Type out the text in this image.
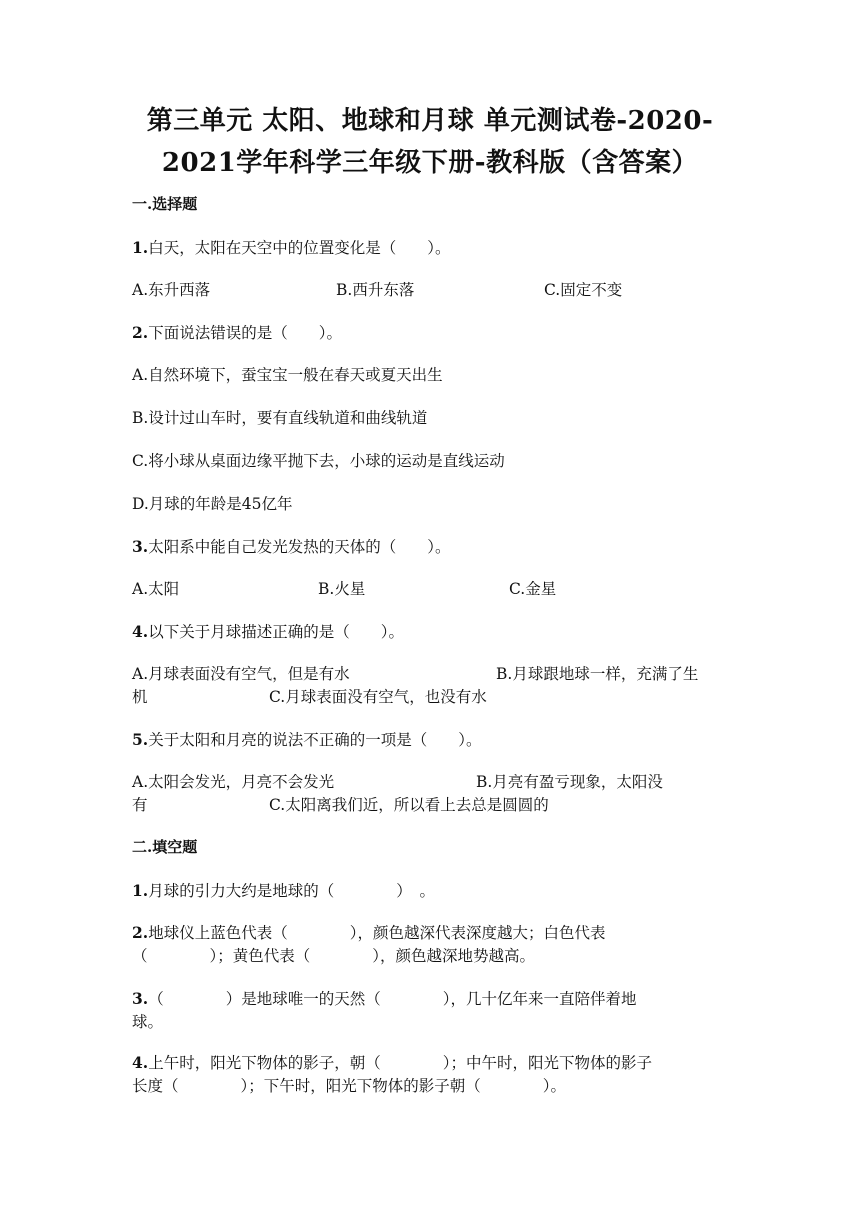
第三单元 太阳、地球和月球 单元测试卷-2020-
2021学年科学三年级下册-教科版（含答案）
一.选择题
1.白天，太阳在天空中的位置变化是（　　）。
A.东升西落	B.西升东落	C.固定不变
2.下面说法错误的是（　　）。
A.自然环境下，蚕宝宝一般在春天或夏天出生
B.设计过山车时，要有直线轨道和曲线轨道
C.将小球从桌面边缘平抛下去，小球的运动是直线运动
D.月球的年龄是45亿年
3.太阳系中能自己发光发热的天体的（　　）。
A.太阳	B.火星	C.金星
4.以下关于月球描述正确的是（　　）。
A.月球表面没有空气，但是有水	B.月球跟地球一样，充满了生
机	C.月球表面没有空气，也没有水
5.关于太阳和月亮的说法不正确的一项是（　　）。
A.太阳会发光，月亮不会发光	B.月亮有盈亏现象，太阳没
有	C.太阳离我们近，所以看上去总是圆圆的
二.填空题
1.月球的引力大约是地球的（　　　　）　。
2.地球仪上蓝色代表（　　　　），颜色越深代表深度越大；白色代表
（　　　　）；黄色代表（　　　　），颜色越深地势越高。
3.（　　　　）是地球唯一的天然（　　　　），几十亿年来一直陪伴着地
球。
4.上午时，阳光下物体的影子，朝（　　　　）；中午时，阳光下物体的影子
长度（　　　　）；下午时，阳光下物体的影子朝（　　　　）。
